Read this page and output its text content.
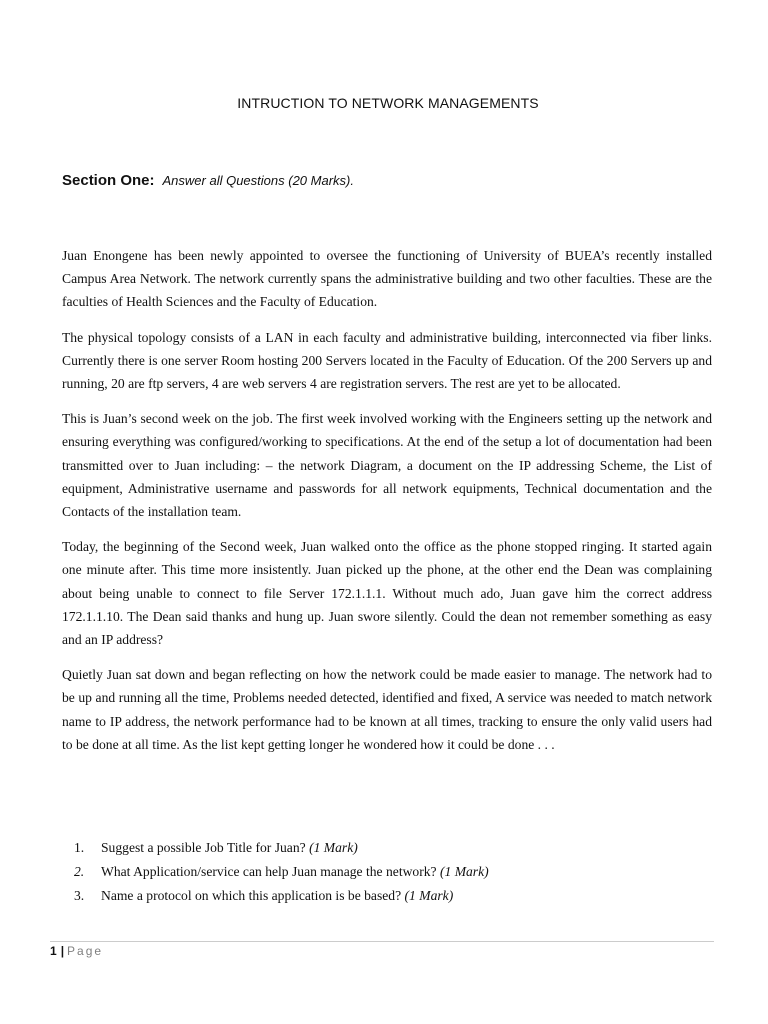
INTRUCTION TO NETWORK MANAGEMENTS
Section One: Answer all Questions (20 Marks).

Juan Enongene has been newly appointed to oversee the functioning of University of BUEA’s recently installed Campus Area Network. The network currently spans the administrative building and two other faculties. These are the faculties of Health Sciences and the Faculty of Education.

The physical topology consists of a LAN in each faculty and administrative building, interconnected via fiber links. Currently there is one server Room hosting 200 Servers located in the Faculty of Education. Of the 200 Servers up and running, 20 are ftp servers, 4 are web servers 4 are registration servers. The rest are yet to be allocated.

This is Juan’s second week on the job. The first week involved working with the Engineers setting up the network and ensuring everything was configured/working to specifications. At the end of the setup a lot of documentation had been transmitted over to Juan including: – the network Diagram, a document on the IP addressing Scheme, the List of equipment, Administrative username and passwords for all network equipments, Technical documentation and the Contacts of the installation team.

Today, the beginning of the Second week, Juan walked onto the office as the phone stopped ringing. It started again one minute after. This time more insistently. Juan picked up the phone, at the other end the Dean was complaining about being unable to connect to file Server 172.1.1.1. Without much ado, Juan gave him the correct address 172.1.1.10. The Dean said thanks and hung up. Juan swore silently. Could the dean not remember something as easy and an IP address?

Quietly Juan sat down and began reflecting on how the network could be made easier to manage. The network had to be up and running all the time, Problems needed detected, identified and fixed, A service was needed to match network name to IP address, the network performance had to be known at all times, tracking to ensure the only valid users had to be done at all time. As the list kept getting longer he wondered how it could be done . . .

1.	Suggest a possible Job Title for Juan? (1 Mark)
2.	What Application/service can help Juan manage the network? (1 Mark)
3.	Name a protocol on which this application is be based? (1 Mark)
1 | Page
